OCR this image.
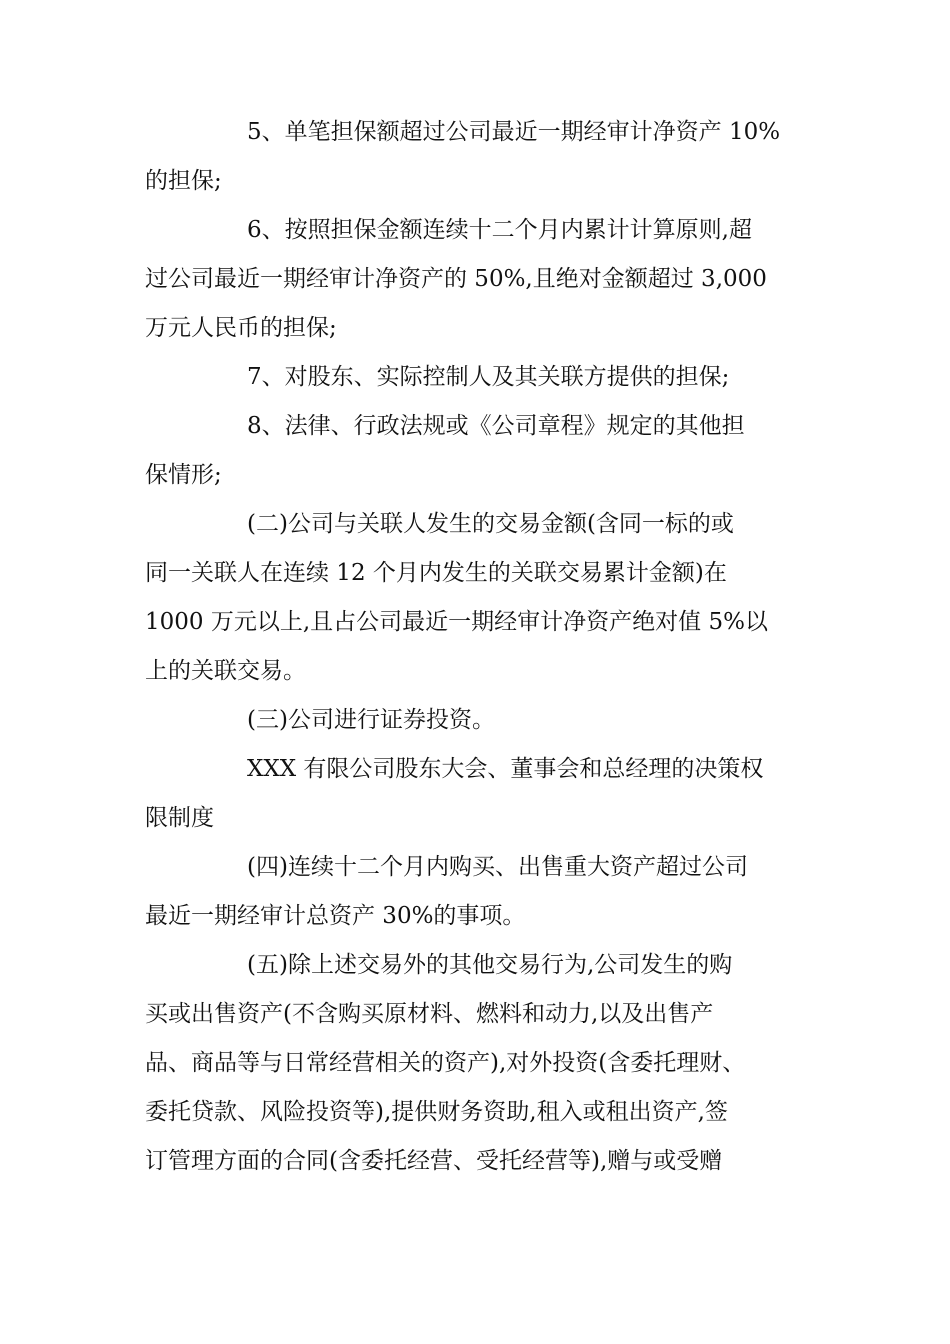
5、单笔担保额超过公司最近一期经审计净资产 10%
的担保;

6、按照担保金额连续十二个月内累计计算原则,超
过公司最近一期经审计净资产的 50%,且绝对金额超过 3,000
万元人民币的担保;

7、对股东、实际控制人及其关联方提供的担保;

8、法律、行政法规或《公司章程》规定的其他担
保情形;

(二)公司与关联人发生的交易金额(含同一标的或
同一关联人在连续 12 个月内发生的关联交易累计金额)在
1000 万元以上,且占公司最近一期经审计净资产绝对值 5%以
上的关联交易。

(三)公司进行证券投资。

XXX 有限公司股东大会、董事会和总经理的决策权
限制度

(四)连续十二个月内购买、出售重大资产超过公司
最近一期经审计总资产 30%的事项。

(五)除上述交易外的其他交易行为,公司发生的购
买或出售资产(不含购买原材料、燃料和动力,以及出售产
品、商品等与日常经营相关的资产),对外投资(含委托理财、
委托贷款、风险投资等),提供财务资助,租入或租出资产,签
订管理方面的合同(含委托经营、受托经营等),赠与或受赠
